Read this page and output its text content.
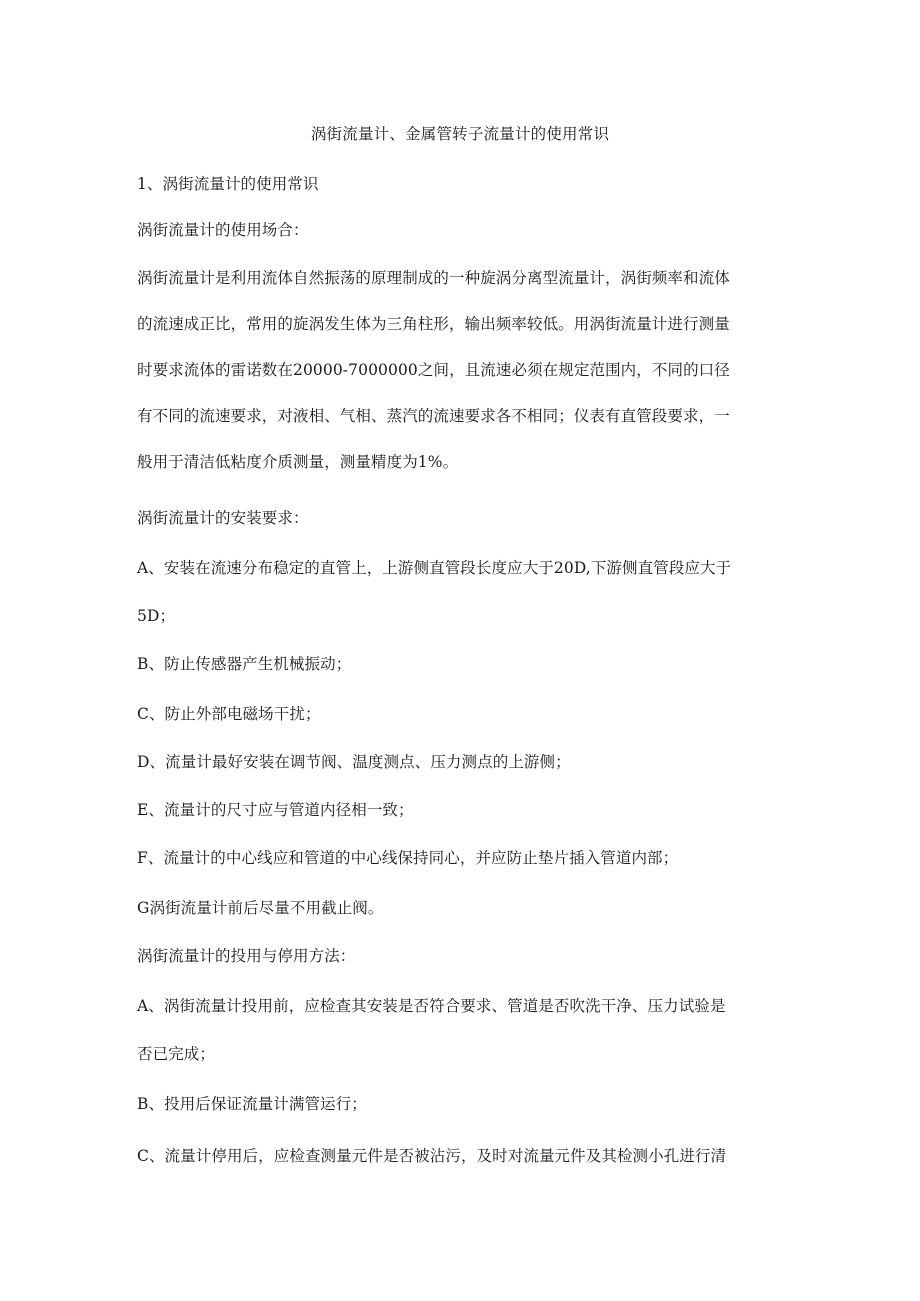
涡街流量计、金属管转子流量计的使用常识
1、涡街流量计的使用常识
涡街流量计的使用场合：
涡街流量计是利用流体自然振荡的原理制成的一种旋涡分离型流量计，涡街频率和流体
的流速成正比，常用的旋涡发生体为三角柱形，输出频率较低。用涡街流量计进行测量
时要求流体的雷诺数在20000-7000000之间，且流速必须在规定范围内，不同的口径
有不同的流速要求，对液相、气相、蒸汽的流速要求各不相同；仪表有直管段要求，一
般用于清洁低粘度介质测量，测量精度为1%。
涡街流量计的安装要求：
A、安装在流速分布稳定的直管上，上游侧直管段长度应大于20D,下游侧直管段应大于
5D；
B、防止传感器产生机械振动；
C、防止外部电磁场干扰；
D、流量计最好安装在调节阀、温度测点、压力测点的上游侧；
E、流量计的尺寸应与管道内径相一致；
F、流量计的中心线应和管道的中心线保持同心，并应防止垫片插入管道内部；
G涡街流量计前后尽量不用截止阀。
涡街流量计的投用与停用方法：
A、涡街流量计投用前，应检查其安装是否符合要求、管道是否吹洗干净、压力试验是
否已完成；
B、投用后保证流量计满管运行；
C、流量计停用后，应检查测量元件是否被沾污，及时对流量元件及其检测小孔进行清
